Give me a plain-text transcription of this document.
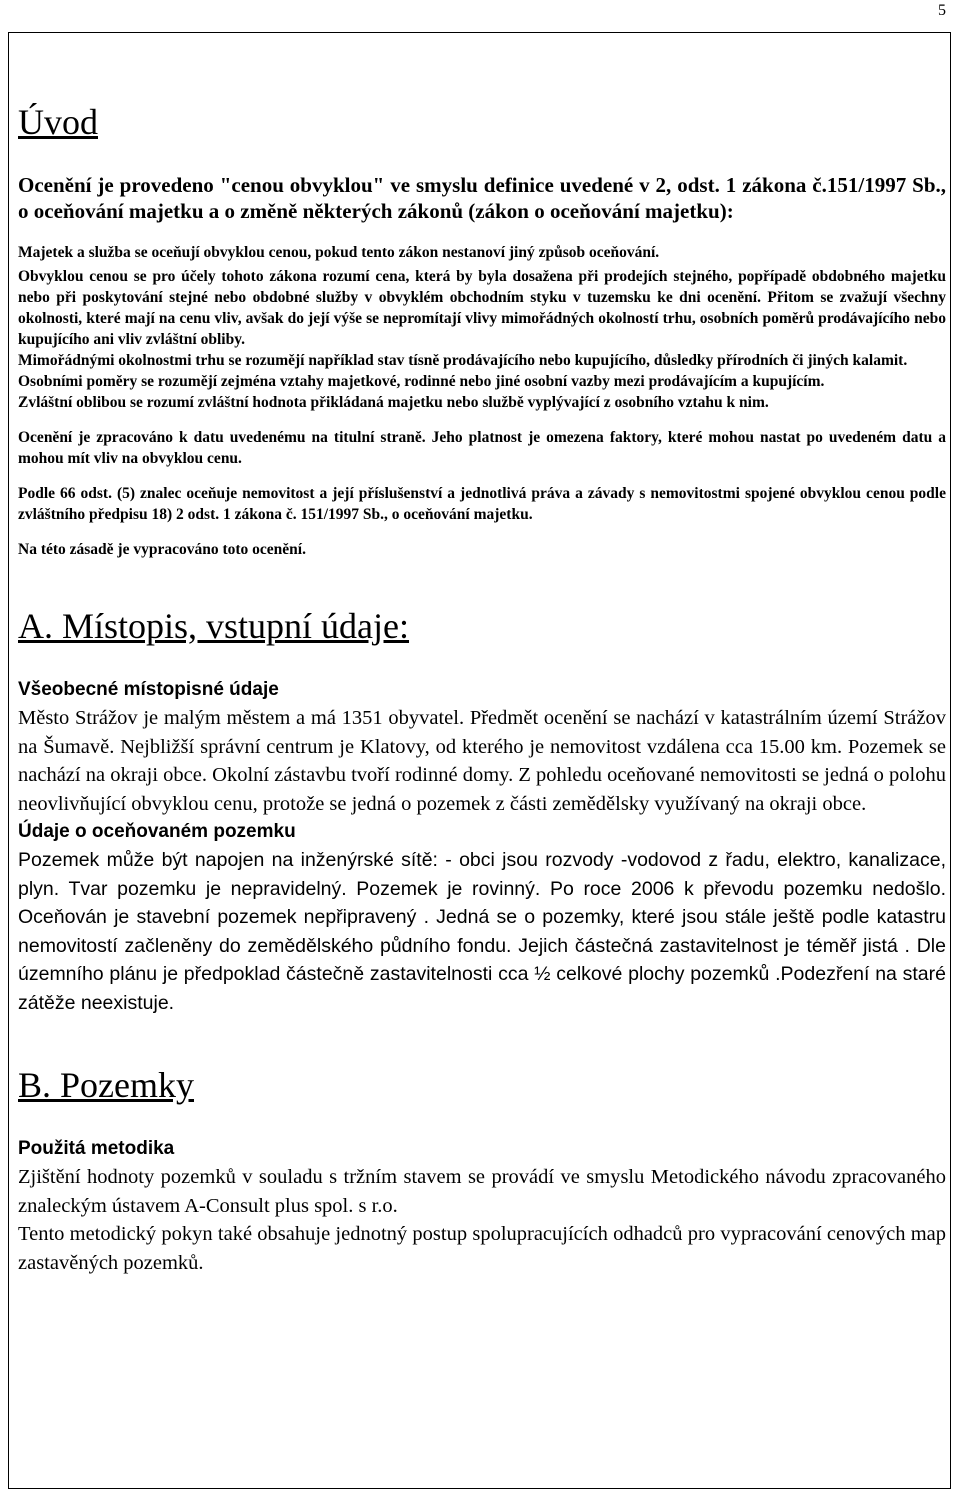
5
Úvod

Ocenění je provedeno "cenou obvyklou" ve smyslu definice uvedené v 2, odst. 1 zákona č.151/1997 Sb., o oceňování majetku a o změně některých zákonů (zákon o oceňování majetku):

Majetek a služba se oceňují obvyklou cenou, pokud tento zákon nestanoví jiný způsob oceňování.

Obvyklou cenou se pro účely tohoto zákona rozumí cena, která by byla dosažena při prodejích stejného, popřípadě obdobného majetku nebo při poskytování stejné nebo obdobné služby v obvyklém obchodním styku v tuzemsku ke dni ocenění. Přitom se zvažují všechny okolnosti, které mají na cenu vliv, avšak do její výše se nepromítají vlivy mimořádných okolností trhu, osobních poměrů prodávajícího nebo kupujícího ani vliv zvláštní obliby.

Mimořádnými okolnostmi trhu se rozumějí například stav tísně prodávajícího nebo kupujícího, důsledky přírodních či jiných kalamit.

Osobními poměry se rozumějí zejména vztahy majetkové, rodinné nebo jiné osobní vazby mezi prodávajícím a kupujícím.

Zvláštní oblibou se rozumí zvláštní hodnota přikládaná majetku nebo službě vyplývající z osobního vztahu k nim.

Ocenění je zpracováno k datu uvedenému na titulní straně. Jeho platnost je omezena faktory, které mohou nastat po uvedeném datu a mohou mít vliv na obvyklou cenu.

Podle 66 odst. (5) znalec oceňuje nemovitost a její příslušenství a jednotlivá práva a závady s nemovitostmi spojené obvyklou cenou podle zvláštního předpisu 18) 2 odst. 1 zákona č. 151/1997 Sb., o oceňování majetku.

Na této zásadě je vypracováno toto ocenění.

A. Místopis, vstupní údaje:

Všeobecné místopisné údaje

Město Strážov je malým městem a má 1351 obyvatel. Předmět ocenění se nachází v katastrálním území Strážov na Šumavě. Nejbližší správní centrum je Klatovy, od kterého je nemovitost vzdálena cca 15.00 km. Pozemek se nachází na okraji obce. Okolní zástavbu tvoří rodinné domy. Z pohledu oceňované nemovitosti se jedná o polohu neovlivňující obvyklou cenu, protože se jedná o pozemek z části zemědělsky využívaný na okraji obce.

Údaje o oceňovaném pozemku

Pozemek může být napojen na inženýrské sítě: - obci jsou rozvody -vodovod z řadu, elektro, kanalizace, plyn. Tvar pozemku je nepravidelný. Pozemek je rovinný. Po roce 2006 k převodu pozemku nedošlo. Oceňován je stavební pozemek nepřipravený . Jedná se o pozemky, které jsou stále ještě podle katastru nemovitostí začleněny do zemědělského půdního fondu. Jejich částečná zastavitelnost je téměř jistá . Dle územního plánu je předpoklad částečně zastavitelnosti cca ½ celkové plochy pozemků .Podezření na staré zátěže neexistuje.

B. Pozemky

Použitá metodika

Zjištění hodnoty pozemků v souladu s tržním stavem se provádí ve smyslu Metodického návodu zpracovaného znaleckým ústavem A-Consult plus spol. s r.o.

Tento metodický pokyn také obsahuje jednotný postup spolupracujících odhadců pro vypracování cenových map zastavěných pozemků.
